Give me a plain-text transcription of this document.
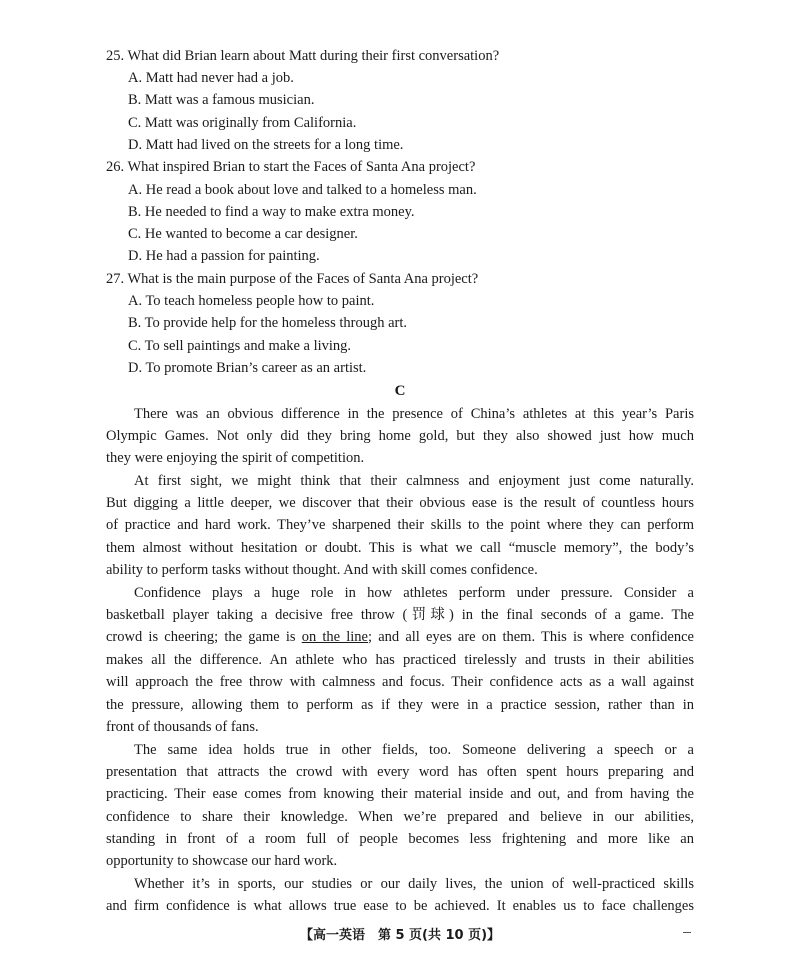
25. What did Brian learn about Matt during their first conversation?
A. Matt had never had a job.
B. Matt was a famous musician.
C. Matt was originally from California.
D. Matt had lived on the streets for a long time.
26. What inspired Brian to start the Faces of Santa Ana project?
A. He read a book about love and talked to a homeless man.
B. He needed to find a way to make extra money.
C. He wanted to become a car designer.
D. He had a passion for painting.
27. What is the main purpose of the Faces of Santa Ana project?
A. To teach homeless people how to paint.
B. To provide help for the homeless through art.
C. To sell paintings and make a living.
D. To promote Brian’s career as an artist.
C
There was an obvious difference in the presence of China’s athletes at this year’s Paris
Olympic Games. Not only did they bring home gold, but they also showed just how much
they were enjoying the spirit of competition.
At first sight, we might think that their calmness and enjoyment just come naturally.
But digging a little deeper, we discover that their obvious ease is the result of countless hours
of practice and hard work. They’ve sharpened their skills to the point where they can perform
them almost without hesitation or doubt. This is what we call “muscle memory”, the body’s
ability to perform tasks without thought. And with skill comes confidence.
Confidence plays a huge role in how athletes perform under pressure. Consider a
basketball player taking a decisive free throw (罚球) in the final seconds of a game. The
crowd is cheering; the game is on the line; and all eyes are on them. This is where confidence
makes all the difference. An athlete who has practiced tirelessly and trusts in their abilities
will approach the free throw with calmness and focus. Their confidence acts as a wall against
the pressure, allowing them to perform as if they were in a practice session, rather than in
front of thousands of fans.
The same idea holds true in other fields, too. Someone delivering a speech or a
presentation that attracts the crowd with every word has often spent hours preparing and
practicing. Their ease comes from knowing their material inside and out, and from having the
confidence to share their knowledge. When we’re prepared and believe in our abilities,
standing in front of a room full of people becomes less frightening and more like an
opportunity to showcase our hard work.
Whether it’s in sports, our studies or our daily lives, the union of well-practiced skills
and firm confidence is what allows true ease to be achieved. It enables us to face challenges
【高一英语　第 5 页(共 10 页)】
